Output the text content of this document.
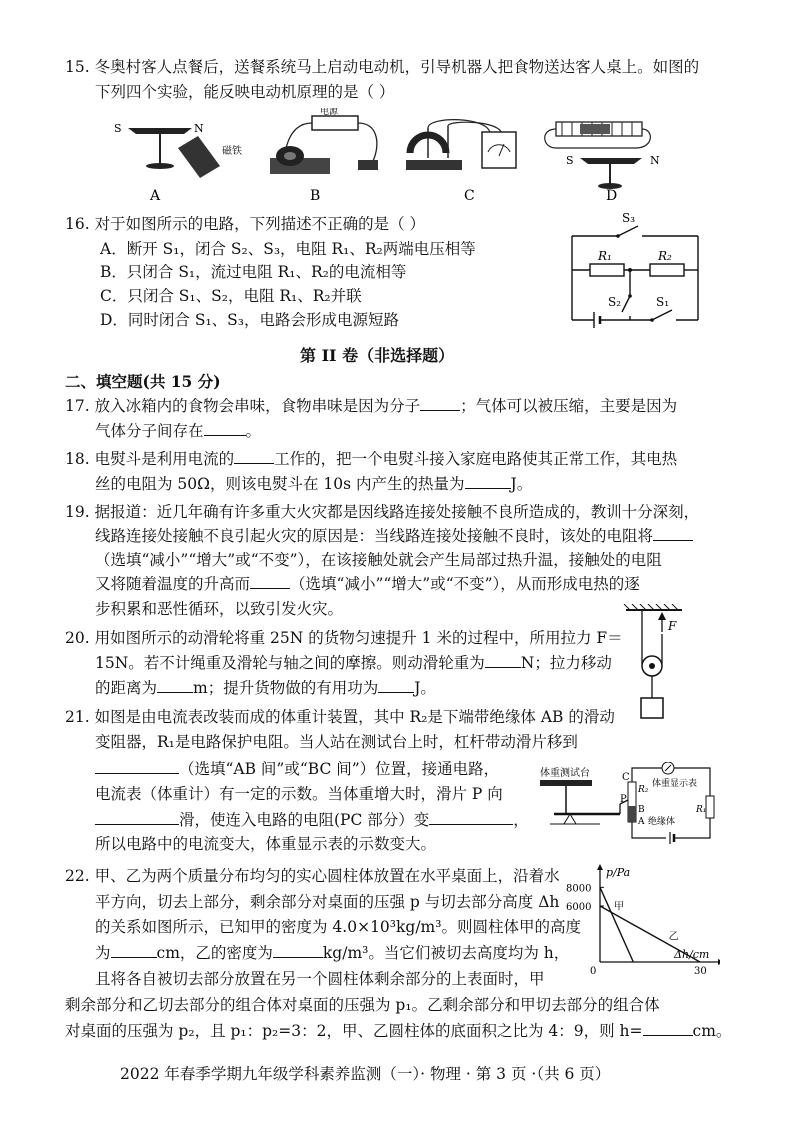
15. 冬奥村客人点餐后，送餐系统马上启动电动机，引导机器人把食物送达客人桌上。如图的
下列四个实验，能反映电动机原理的是（ ）
S	N
磁铁
A
电源
B	C
S	N
D
16. 对于如图所示的电路，下列描述不正确的是（ ）
A．断开 S₁，闭合 S₂、S₃，电阻 R₁、R₂两端电压相等
B．只闭合 S₁，流过电阻 R₁、R₂的电流相等
C．只闭合 S₁、S₂，电阻 R₁、R₂并联
D．同时闭合 S₁、S₃，电路会形成电源短路
S₃
R₁	R₂
S₂	S₁
第 II 卷（非选择题）
二、填空题(共 15 分)
17. 放入冰箱内的食物会串味，食物串味是因为分子	；气体可以被压缩，主要是因为
气体分子间存在	。
18. 电熨斗是利用电流的	工作的，把一个电熨斗接入家庭电路使其正常工作，其电热
丝的电阻为 50Ω，则该电熨斗在 10s 内产生的热量为	J。
19. 据报道：近几年确有许多重大火灾都是因线路连接处接触不良所造成的，教训十分深刻，
线路连接处接触不良引起火灾的原因是：当线路连接处接触不良时，该处的电阻将
（选填“减小”“增大”或“不变”），在该接触处就会产生局部过热升温，接触处的电阻
又将随着温度的升高而	（选填“减小”“增大”或“不变”），从而形成电热的逐
步积累和恶性循环，以致引发火灾。
20. 用如图所示的动滑轮将重 25N 的货物匀速提升 1 米的过程中，所用拉力 F＝
15N。若不计绳重及滑轮与轴之间的摩擦。则动滑轮重为 N；拉力移动
的距离为 m；提升货物做的有用功为 J。
F
21. 如图是由电流表改装而成的体重计装置，其中 R₂是下端带绝缘体 AB 的滑动
变阻器，R₁是电路保护电阻。当人站在测试台上时，杠杆带动滑片移到
（选填“AB 间”或“BC 间”）位置，接通电路，
电流表（体重计）有一定的示数。当体重增大时，滑片 P 向
滑，使连入电路的电阻(PC 部分）变	，
所以电路中的电流变大，体重显示表的示数变大。
体重测试台	C
R₂
P
B
A 绝缘体
体重显示表
R₁
22. 甲、乙为两个质量分布均匀的实心圆柱体放置在水平桌面上，沿着水
平方向，切去上部分，剩余部分对桌面的压强 p 与切去部分高度 Δh
的关系如图所示，已知甲的密度为 4.0×10³kg/m³。则圆柱体甲的高度
为	cm，乙的密度为	kg/m³。当它们被切去高度均为 h，
且将各自被切去部分放置在另一个圆柱体剩余部分的上表面时，甲
剩余部分和乙切去部分的组合体对桌面的压强为 p₁。乙剩余部分和甲切去部分的组合体
对桌面的压强为 p₂，且 p₁：p₂=3：2，甲、乙圆柱体的底面积之比为 4：9，则 h=	cm。
8000
6000
0	30
甲
乙
p/Pa
Δh/cm
2022 年春季学期九年级学科素养监测（一）· 物理 · 第 3 页 ·（共 6 页）
